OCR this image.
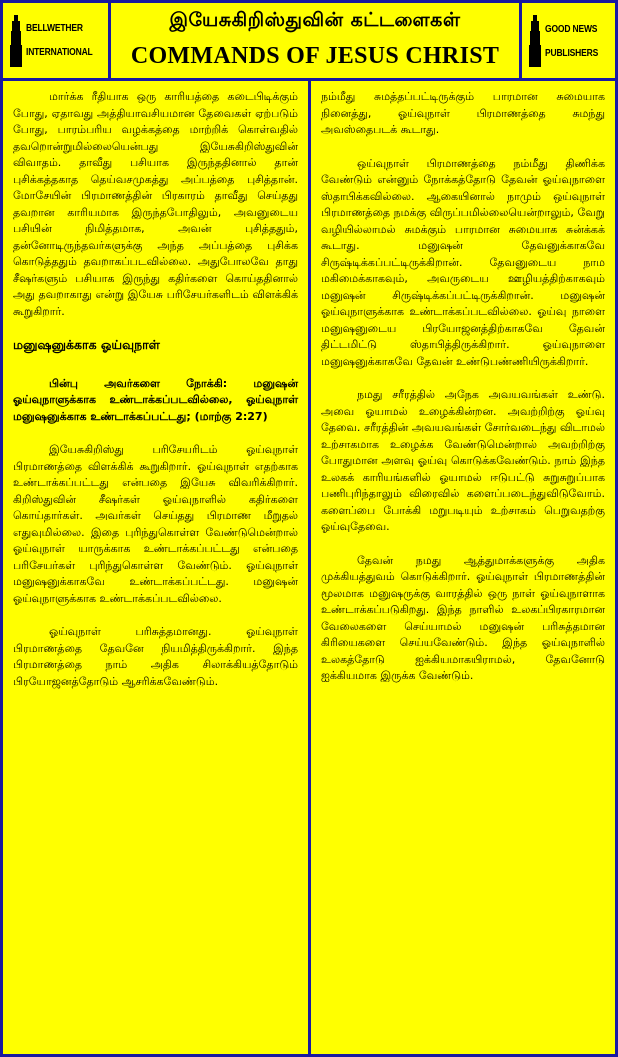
BELLWETHER
INTERNATIONAL
இயேசுகிறிஸ்துவின் கட்டளைகள்
COMMANDS OF JESUS CHRIST
GOOD NEWS
PUBLISHERS

மார்க்க ரீதியாக ஒரு காரியத்தை கடைபிடிக்கும் போது, ஏதாவது அத்தியாவசியமான தேவைகள் ஏற்படும் போது, பாரம்பரிய வழக்கத்தை மாற்றிக் கொள்வதில் தவறொன்றுமில்லையென்பது இயேசுகிறிஸ்துவின் விவாதம். தாவீது பசியாக இருந்ததினால் தான் புசிக்கத்தகாத தெய்வசமுகத்து அப்பத்தை புசித்தான். மோசேயின் பிரமாணத்தின் பிரகாரம் தாவீது செய்தது தவறான காரியமாக இருந்தபோதிலும், அவனுடைய பசியின் நிமித்தமாக, அவன் புசித்ததும், தன்னோடிருந்தவர்களுக்கு அந்த அப்பத்தை புசிக்க கொடுத்ததும் தவறாகப்படவில்லை. அதுபோலவே தாது சீஷர்களும் பசியாக இருந்து கதிர்களை கொய்ததினால் அது தவறாகாது என்று இயேசு பரிசேயர்களிடம் விளக்கிக் கூறுகிறார்.

மனுஷனுக்காக ஓய்வுநாள்

பின்பு அவர்களை நோக்கி: மனுஷன் ஓய்வுநாளுக்காக உண்டாக்கப்படவில்லை, ஓய்வுநாள் மனுஷனுக்காக உண்டாக்கப்பட்டது; (மாற்கு 2:27)

இயேசுகிறிஸ்து பரிசேயரிடம் ஓய்வுநாள் பிரமாணத்தை விளக்கிக் கூறுகிறார். ஓய்வுநாள் எதற்காக உண்டாக்கப்பட்டது என்பதை இயேசு விவரிக்கிறார். கிறிஸ்துவின் சீஷர்கள் ஓய்வுநாளில் கதிர்களை கொய்தார்கள். அவர்கள் செய்தது பிரமாண மீறுதல் எதுவுமில்லை. இதை புரிந்துகொள்ள வேண்டுமென்றால் ஓய்வுநாள் யாருக்காக உண்டாக்கப்பட்டது என்பதை பரிசேயர்கள் புரிந்துகொள்ள வேண்டும். ஓய்வுநாள் மனுஷனுக்காகவே உண்டாக்கப்பட்டது. மனுஷன் ஓய்வுநாளுக்காக உண்டாக்கப்படவில்லை.

ஓய்வுநாள் பரிசுத்தமானது. ஓய்வுநாள் பிரமாணத்தை தேவனே நியமித்திருக்கிறார். இந்த பிரமாணத்தை நாம் அதிக சிலாக்கியத்தோடும் பிரயோஜனத்தோடும் ஆசரிக்கவேண்டும்.

நம்மீது சுமத்தப்பட்டிருக்கும் பாரமான சுமையாக நினைத்து, ஓய்வுநாள் பிரமாணத்தை சுமந்து அவஸ்தைபடக் கூடாது.

ஒய்வுநாள் பிரமாணத்தை நம்மீது திணிக்க வேண்டும் என்னும் நோக்கத்தோடு தேவன் ஓய்வுநாளை ஸ்தாபிக்கவில்லை. ஆகையினால் நாமும் ஒய்வுநாள் பிரமாணத்தை நமக்கு விருப்பமில்லையென்றாலும், வேறு வழியில்லாமல் சுமக்கும் பாரமான சுமையாக சுன்க்கக் கூடாது. மனுஷன் தேவனுக்காகவே சிருஷ்டிக்கப்பட்டிருக்கிறான். தேவனுடைய நாம மகிமைக்காகவும், அவருடைய ஊழியத்திற்காகவும் மனுஷன் சிருஷ்டிக்கப்பட்டிருக்கிறான். மனுஷன் ஓய்வுநாளுக்காக உண்டாக்கப்படவில்லை. ஓய்வு நாளை மனுஷனுடைய பிரயோஜனத்திற்காகவே தேவன் திட்டமிட்டு ஸ்தாபித்திருக்கிறார். ஓய்வுநாளை மனுஷனுக்காகவே தேவன் உண்டுபண்ணியிருக்கிறார்.

நமது சரீரத்தில் அநேக அவயவங்கள் உண்டு. அவை ஓயாமல் உழைக்கின்றன. அவற்றிற்கு ஓய்வு தேவை. சரீரத்தின் அவயவங்கள் சோர்வடைந்து விடாமல் உற்சாகமாக உழைக்க வேண்டுமென்றால் அவற்றிற்கு போதுமான அளவு ஓய்வு கொடுக்கவேண்டும். நாம் இந்த உலகக் காரியங்களில் ஓயாமல் ஈடுபட்டு சுறுசுறுப்பாக பணிபுரிந்தாலும் விரைவில் களைப்படைந்துவிடுவோம். களைப்பை போக்கி மறுபடியும் உற்சாகம் பெறுவதற்கு ஓய்வுதேவை.

தேவன் நமது ஆத்துமாக்களுக்கு அதிக முக்கியத்துவம் கொடுக்கிறார். ஓய்வுநாள் பிரமாணத்தின் மூலமாக மனுஷருக்கு வாரத்தில் ஒரு நாள் ஓய்வுநாளாக உண்டாக்கப்படுகிறது. இந்த நாளில் உலகப்பிரகாரமான வேலைகளை செய்யாமல் மனுஷன் பரிசுத்தமான கிரியைகளை செய்யவேண்டும். இந்த ஓய்வுநாளில் உலகத்தோடு ஐக்கியமாகயிராமல், தேவனோடு ஐக்கியமாக இருக்க வேண்டும்.
